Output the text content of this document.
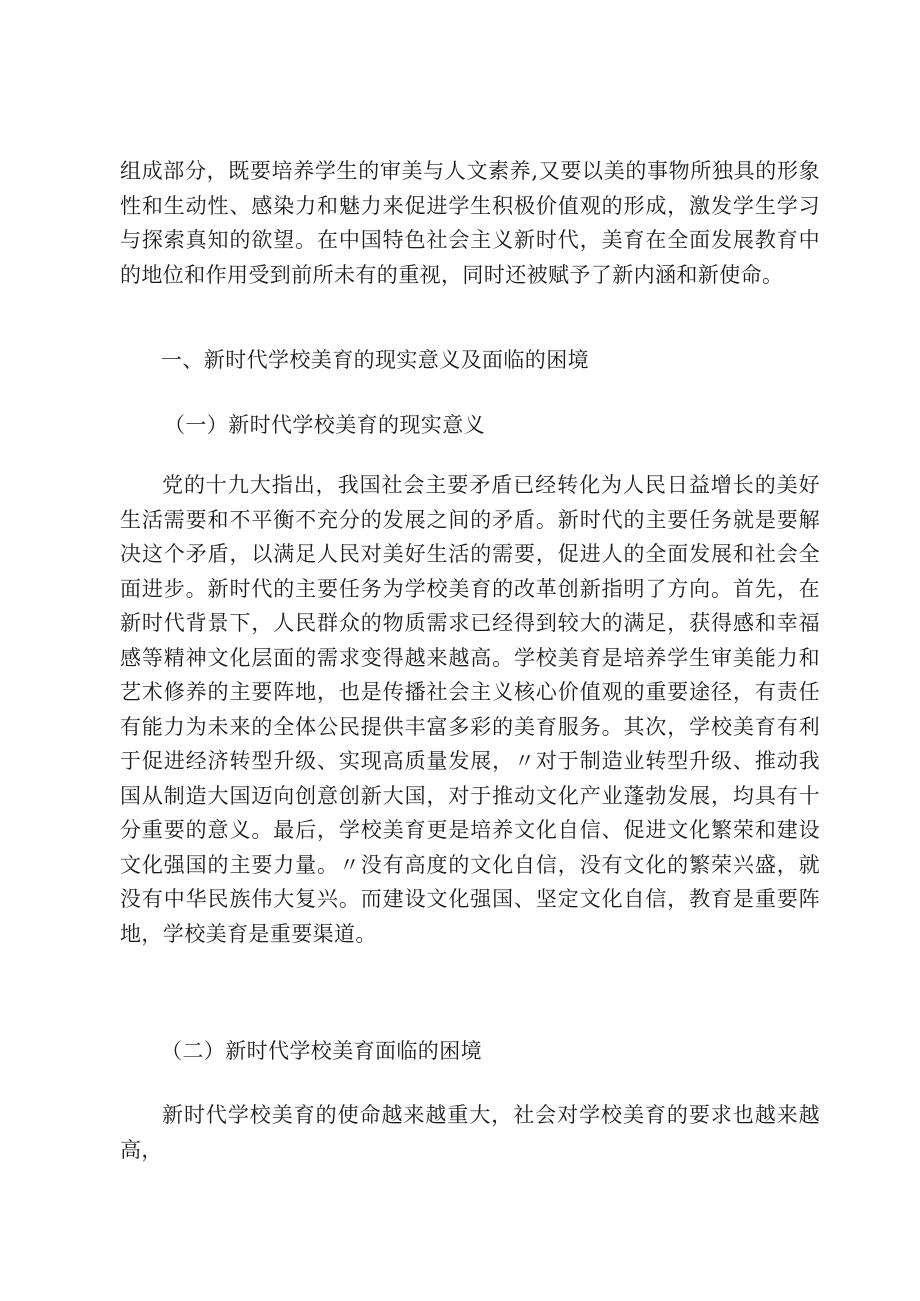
组成部分，既要培养学生的审美与人文素养,又要以美的事物所独具的形象性和生动性、感染力和魅力来促进学生积极价值观的形成，激发学生学习与探索真知的欲望。在中国特色社会主义新时代，美育在全面发展教育中的地位和作用受到前所未有的重视，同时还被赋予了新内涵和新使命。

一、新时代学校美育的现实意义及面临的困境

（一）新时代学校美育的现实意义

党的十九大指出，我国社会主要矛盾已经转化为人民日益增长的美好生活需要和不平衡不充分的发展之间的矛盾。新时代的主要任务就是要解决这个矛盾，以满足人民对美好生活的需要，促进人的全面发展和社会全面进步。新时代的主要任务为学校美育的改革创新指明了方向。首先，在新时代背景下，人民群众的物质需求已经得到较大的满足，获得感和幸福感等精神文化层面的需求变得越来越高。学校美育是培养学生审美能力和艺术修养的主要阵地，也是传播社会主义核心价值观的重要途径，有责任有能力为未来的全体公民提供丰富多彩的美育服务。其次，学校美育有利于促进经济转型升级、实现高质量发展，〃对于制造业转型升级、推动我国从制造大国迈向创意创新大国，对于推动文化产业蓬勃发展，均具有十分重要的意义。最后，学校美育更是培养文化自信、促进文化繁荣和建设文化强国的主要力量。〃没有高度的文化自信，没有文化的繁荣兴盛，就没有中华民族伟大复兴。而建设文化强国、坚定文化自信，教育是重要阵地，学校美育是重要渠道。

（二）新时代学校美育面临的困境

新时代学校美育的使命越来越重大，社会对学校美育的要求也越来越高，
